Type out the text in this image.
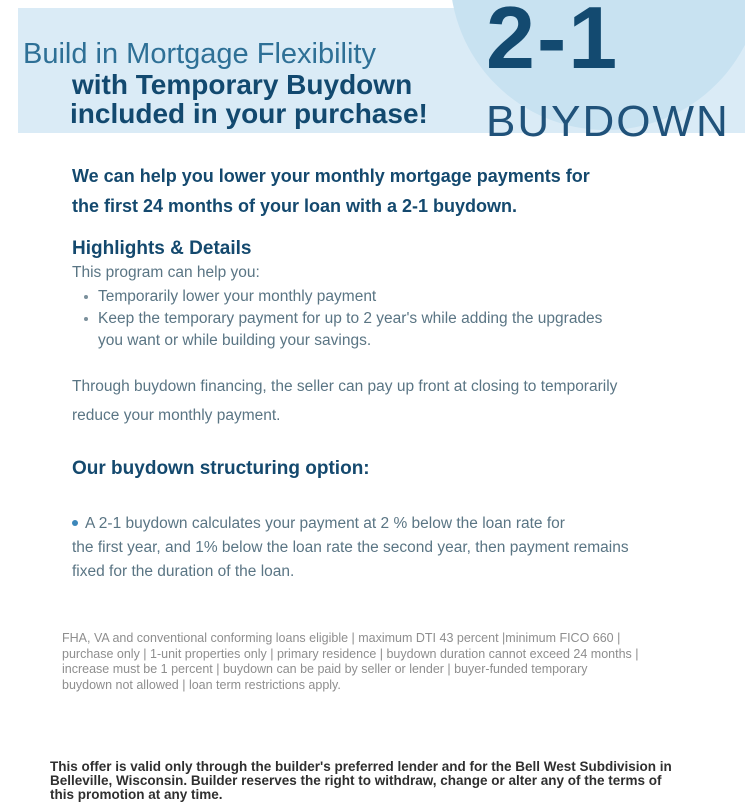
Build in Mortgage Flexibility
with Temporary Buydown
included in your purchase!
2-1
BUYDOWN
We can help you lower your monthly mortgage payments for
the first 24 months of your loan with a 2-1 buydown.
Highlights & Details
This program can help you:
Temporarily lower your monthly payment
Keep the temporary payment for up to 2 year's while adding the upgrades
you want or while building your savings.
Through buydown financing, the seller can pay up front at closing to temporarily
reduce your monthly payment.
Our buydown structuring option:
A 2-1 buydown calculates your payment at 2 % below the loan rate for
the first year, and 1% below the loan rate the second year, then payment remains
fixed for the duration of the loan.
FHA, VA and conventional conforming loans eligible | maximum DTI 43 percent |minimum FICO 660 |
purchase only | 1-unit properties only | primary residence | buydown duration cannot exceed 24 months |
increase must be 1 percent | buydown can be paid by seller or lender | buyer-funded temporary
buydown not allowed | loan term restrictions apply.
This offer is valid only through the builder's preferred lender and for the Bell West Subdivision in
Belleville, Wisconsin. Builder reserves the right to withdraw, change or alter any of the terms of
this promotion at any time.
